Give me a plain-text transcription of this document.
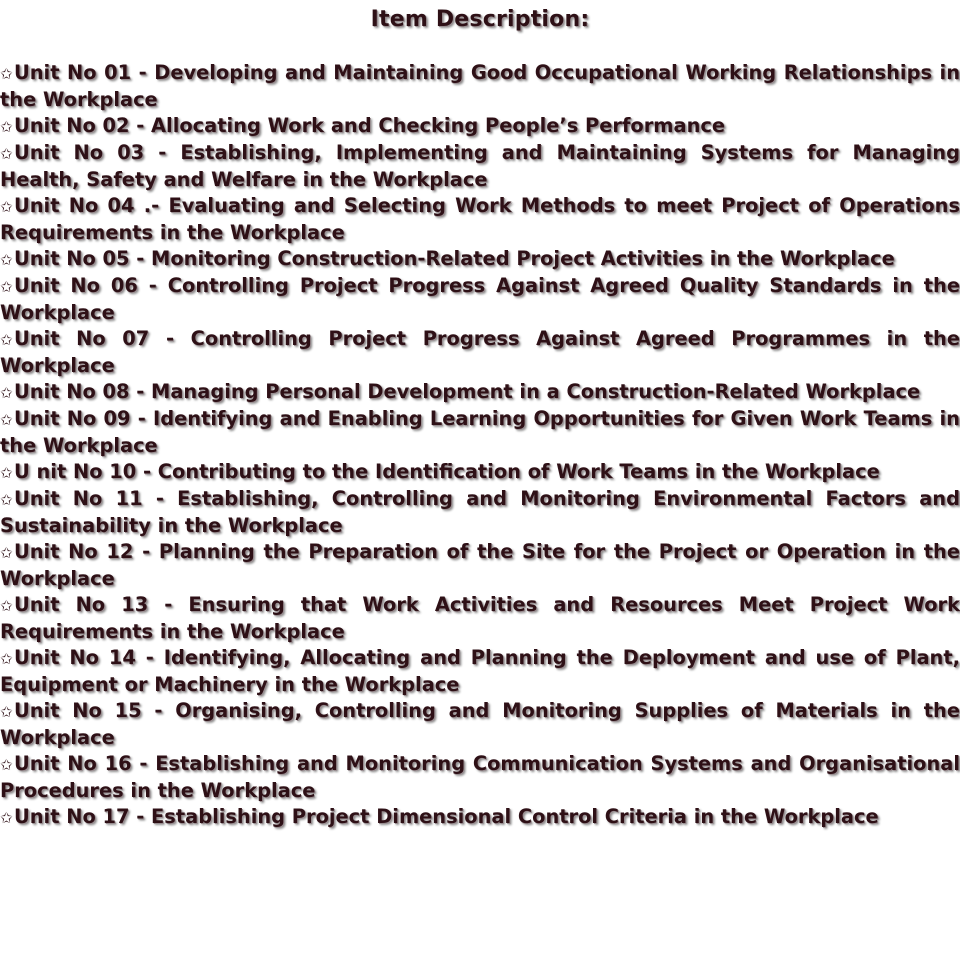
Item Description:
✩Unit No 01 - Developing and Maintaining Good Occupational Working Relationships in the Workplace
✩Unit No 02 - Allocating Work and Checking People’s Performance
✩Unit No 03 - Establishing, Implementing and Maintaining Systems for Managing Health, Safety and Welfare in the Workplace
✩Unit No 04 .- Evaluating and Selecting Work Methods to meet Project of Operations Requirements in the Workplace
✩Unit No 05 - Monitoring Construction-Related Project Activities in the Workplace
✩Unit No 06 - Controlling Project Progress Against Agreed Quality Standards in the Workplace
✩Unit No 07 - Controlling Project Progress Against Agreed Programmes in the Workplace
✩Unit No 08 - Managing Personal Development in a Construction-Related Workplace
✩Unit No 09 - Identifying and Enabling Learning Opportunities for Given Work Teams in the Workplace
✩U nit No 10 - Contributing to the Identification of Work Teams in the Workplace
✩Unit No 11 - Establishing, Controlling and Monitoring Environmental Factors and Sustainability in the Workplace
✩Unit No 12 - Planning the Preparation of the Site for the Project or Operation in the Workplace
✩Unit No 13 - Ensuring that Work Activities and Resources Meet Project Work Requirements in the Workplace
✩Unit No 14 - Identifying, Allocating and Planning the Deployment and use of Plant, Equipment or Machinery in the Workplace
✩Unit No 15 - Organising, Controlling and Monitoring Supplies of Materials in the Workplace
✩Unit No 16 - Establishing and Monitoring Communication Systems and Organisational Procedures in the Workplace
✩Unit No 17 - Establishing Project Dimensional Control Criteria in the Workplace
